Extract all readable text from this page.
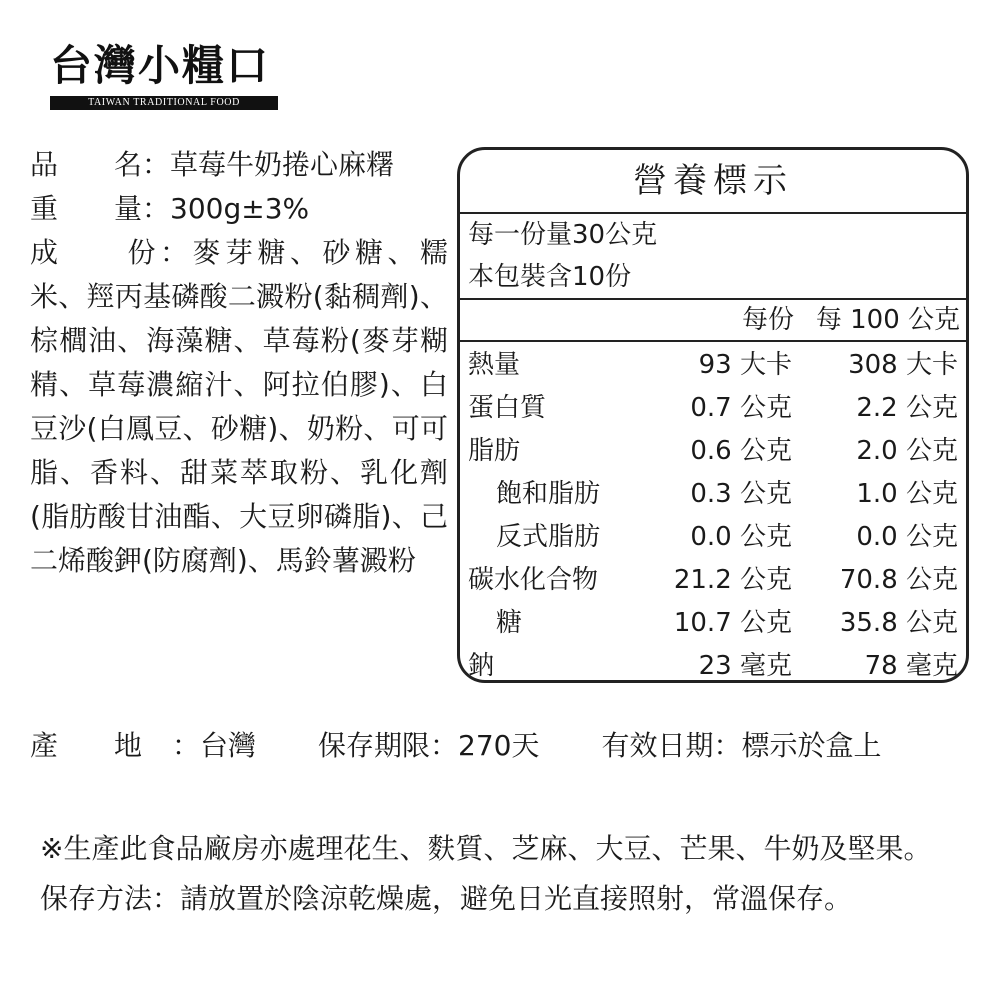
台灣小糧口
TAIWAN TRADITIONAL FOOD
品　　名 ：草莓牛奶捲心麻糬
重　　量 ：300g±3%
成　　份：麥芽糖、砂糖、糯米、羥丙基磷酸二澱粉(黏稠劑)、棕櫚油、海藻糖、草莓粉(麥芽糊精、草莓濃縮汁、阿拉伯膠)、白豆沙(白鳳豆、砂糖)、奶粉、可可脂、香料、甜菜萃取粉、乳化劑(脂肪酸甘油酯、大豆卵磷脂)、己二烯酸鉀(防腐劑)、馬鈴薯澱粉
營養標示
每一份量30公克
本包裝含10份
每份 每 100 公克
熱量	93 大卡 308 大卡
蛋白質	0.7 公克 2.2 公克
脂肪	0.6 公克 2.0 公克
飽和脂肪	0.3 公克 1.0 公克
反式脂肪	0.0 公克 0.0 公克
碳水化合物	21.2 公克 70.8 公克
糖	10.7 公克 35.8 公克
鈉	23 毫克	78 毫克
產　　地 ：台灣 保存期限：270天 有效日期：標示於盒上
※生產此食品廠房亦處理花生、麩質、芝麻、大豆、芒果、牛奶及堅果。
保存方法：請放置於陰涼乾燥處，避免日光直接照射，常溫保存。
